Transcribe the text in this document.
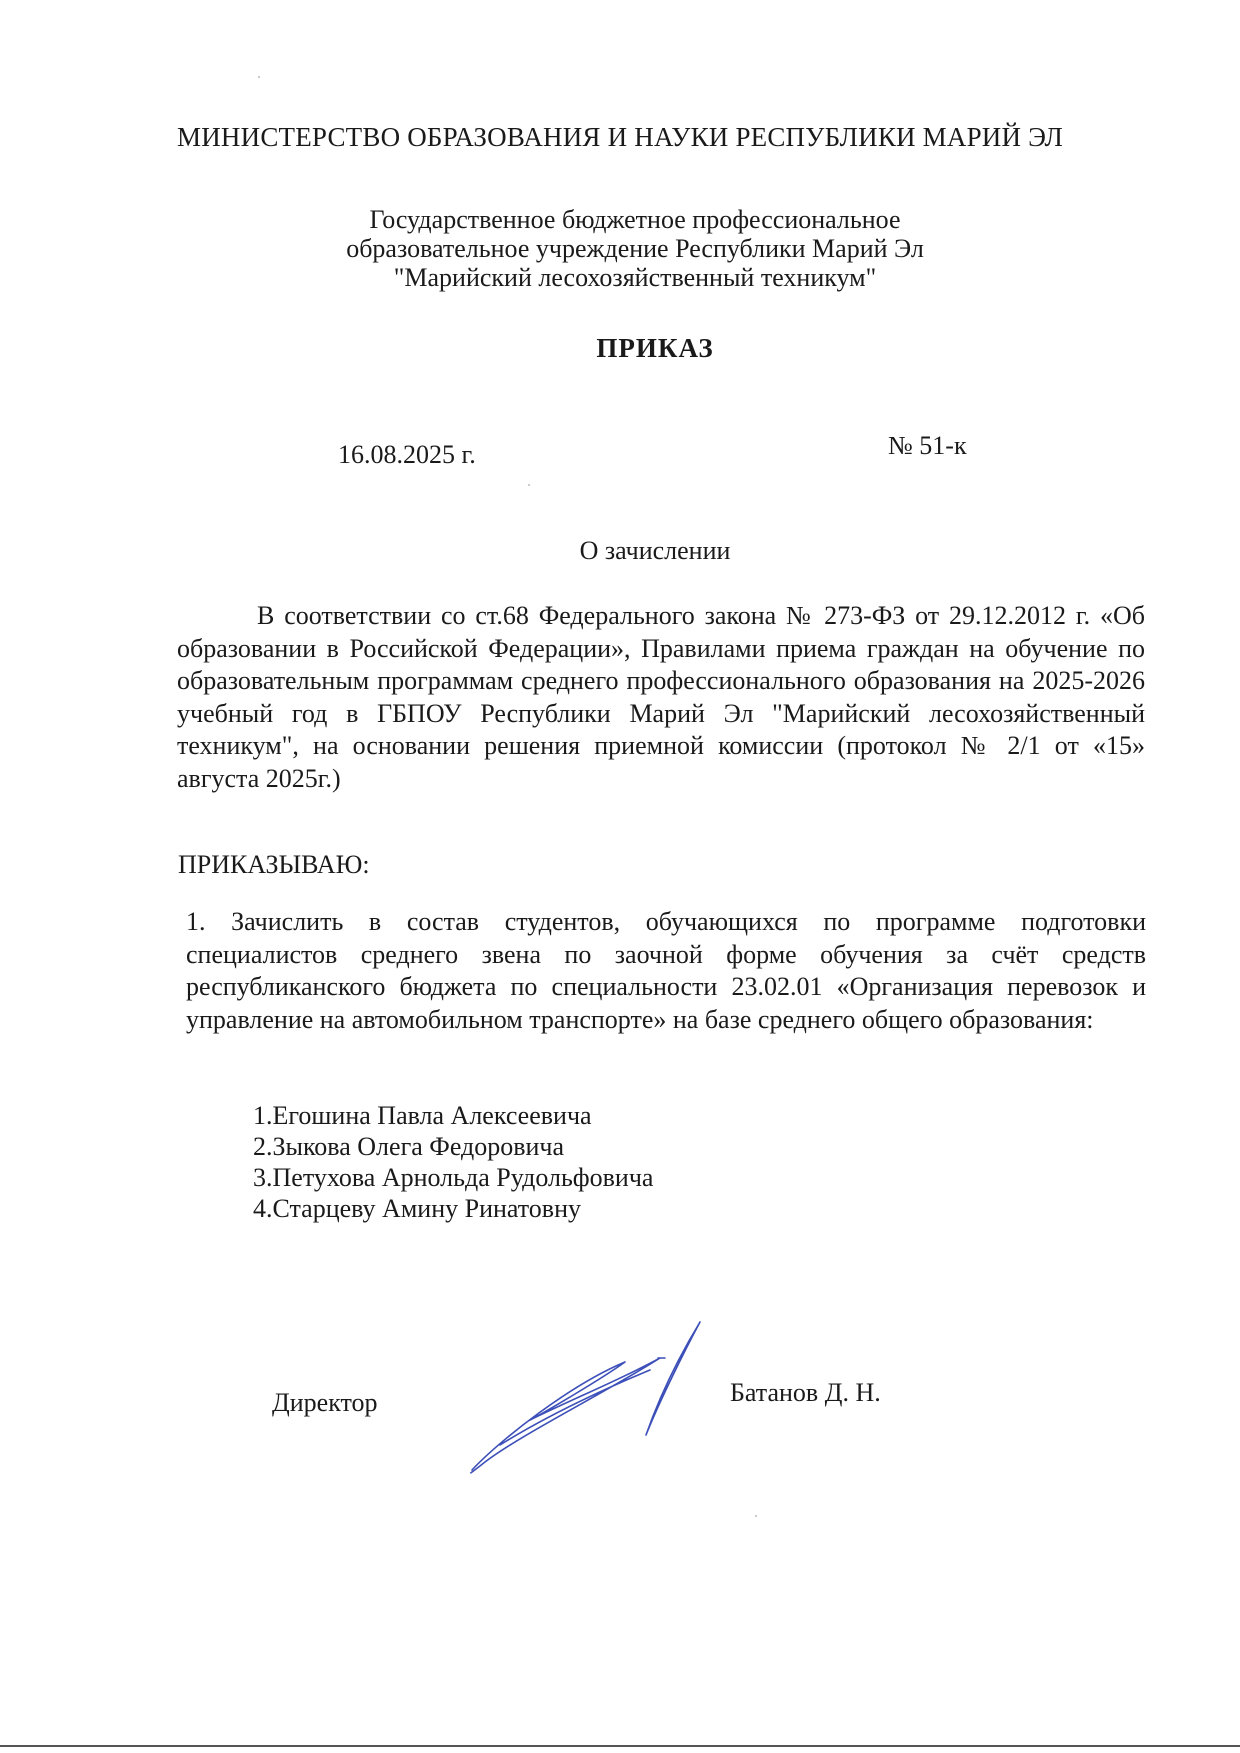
МИНИСТЕРСТВО ОБРАЗОВАНИЯ И НАУКИ РЕСПУБЛИКИ МАРИЙ ЭЛ
Государственное бюджетное профессиональное
образовательное учреждение Республики Марий Эл
"Марийский лесохозяйственный техникум"
ПРИКАЗ
16.08.2025 г.	№ 51-к
О зачислении
В соответствии со ст.68 Федерального закона № 273-ФЗ от 29.12.2012 г. «Об образовании в Российской Федерации», Правилами приема граждан на обучение по образовательным программам среднего профессионального образования на 2025-2026 учебный год в ГБПОУ Республики Марий Эл "Марийский лесохозяйственный техникум", на основании решения приемной комиссии (протокол № 2/1 от «15» августа 2025г.)
ПРИКАЗЫВАЮ:
1. Зачислить в состав студентов, обучающихся по программе подготовки специалистов среднего звена по заочной форме обучения за счёт средств республиканского бюджета по специальности 23.02.01 «Организация перевозок и управление на автомобильном транспорте» на базе среднего общего образования:
1.Егошина Павла Алексеевича
2.Зыкова Олега Федоровича
3.Петухова Арнольда Рудольфовича
4.Старцеву Амину Ринатовну
Директор	Батанов Д. Н.
